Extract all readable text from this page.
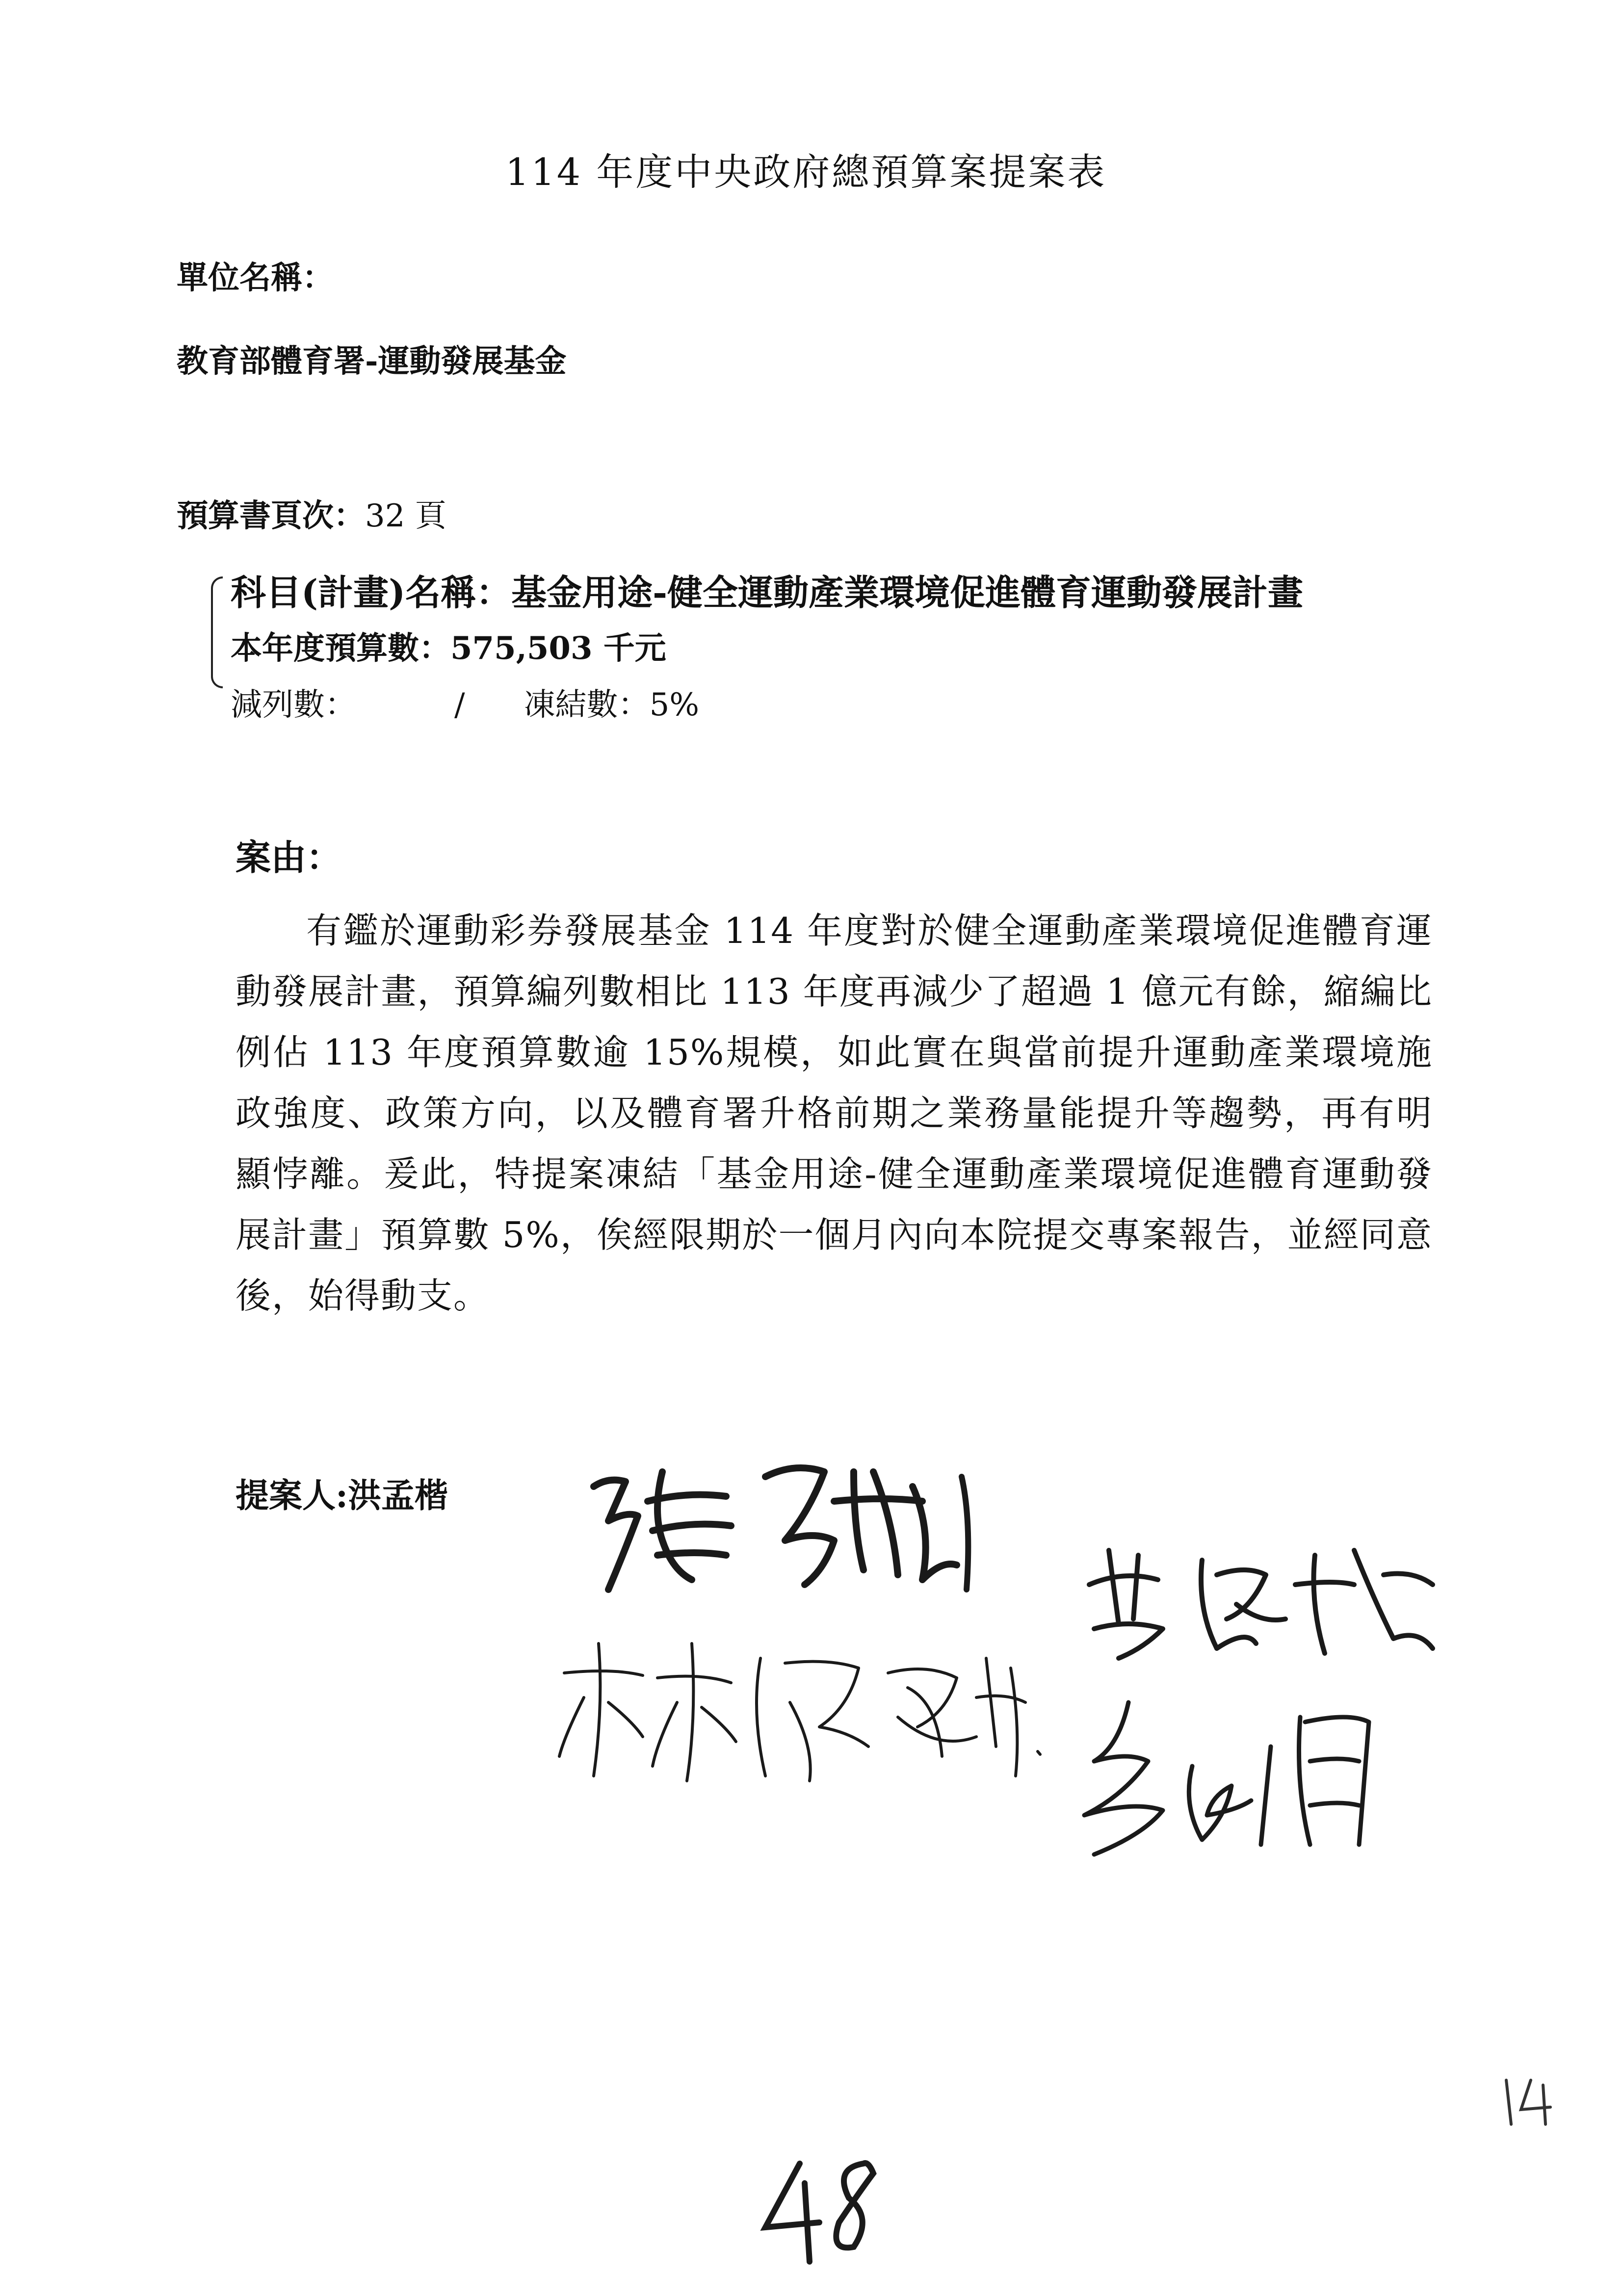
114 年度中央政府總預算案提案表
單位名稱：
教育部體育署-運動發展基金
預算書頁次：32 頁
科目(計畫)名稱：基金用途-健全運動產業環境促進體育運動發展計畫
本年度預算數：575,503 千元
減列數：	/ 凍結數：5%
案由：
有鑑於運動彩券發展基金 114 年度對於健全運動產業環境促進體育運動發展計畫，預算編列數相比 113 年度再減少了超過 1 億元有餘，縮編比例佔 113 年度預算數逾 15%規模，如此實在與當前提升運動產業環境施政強度、政策方向，以及體育署升格前期之業務量能提升等趨勢，再有明顯悖離。爰此，特提案凍結「基金用途-健全運動產業環境促進體育運動發展計畫」預算數 5%，俟經限期於一個月內向本院提交專案報告，並經同意後，始得動支。
提案人:洪孟楷
